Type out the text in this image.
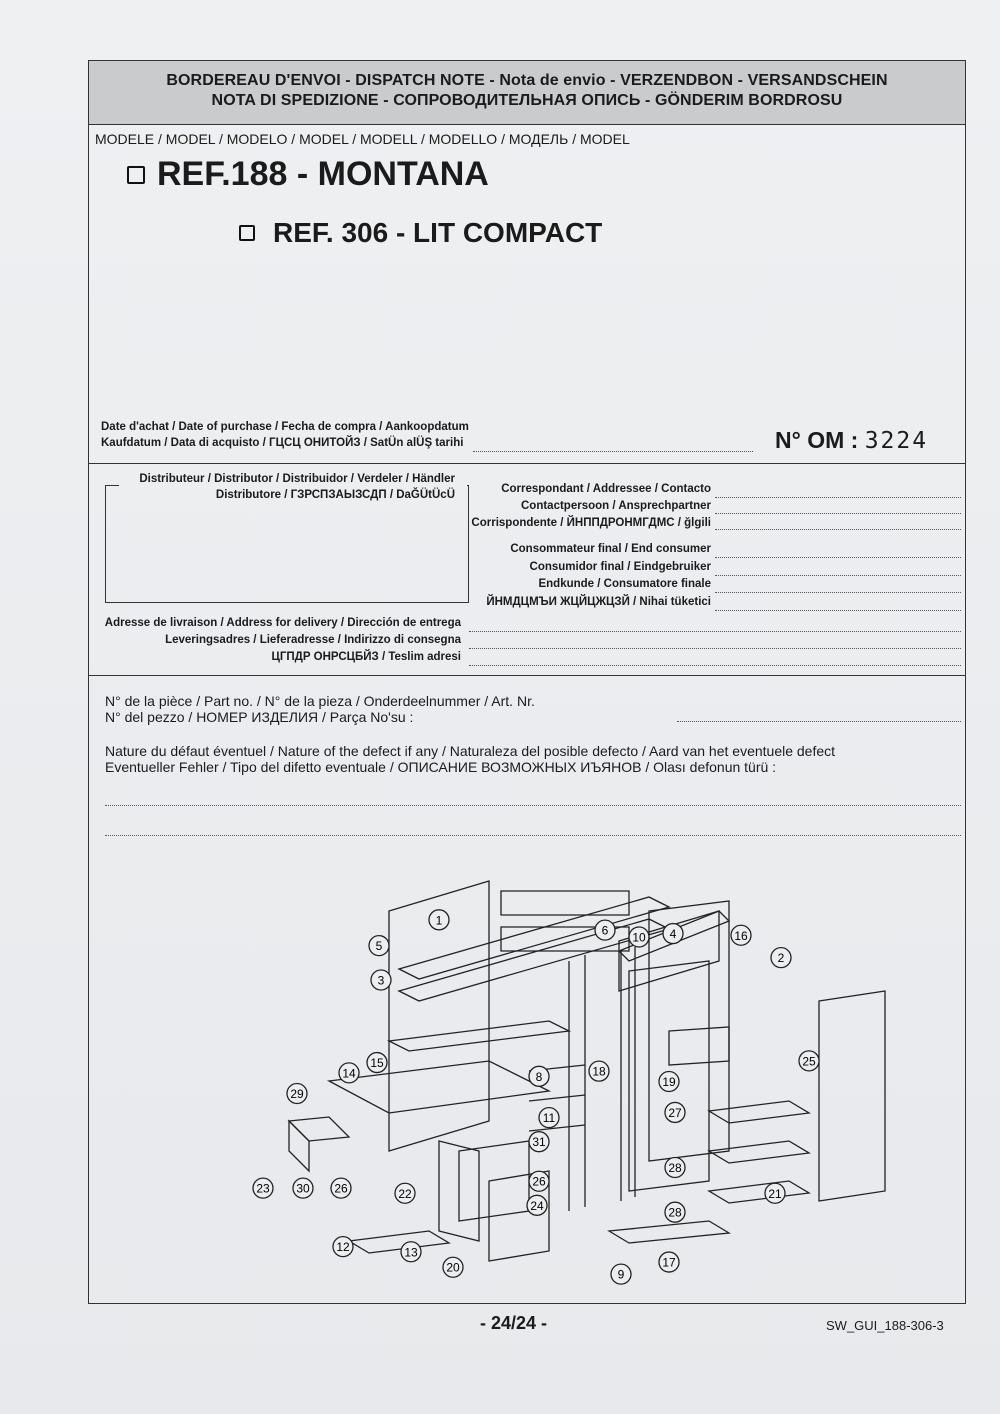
BORDEREAU D'ENVOI - DISPATCH NOTE - Nota de envio - VERZENDBON - VERSANDSCHEIN
NOTA DI SPEDIZIONE - СОПРОВОДИТЕЛЬНАЯ ОПИСЬ - GÖNDERIM BORDROSU
MODELE / MODEL / MODELO / MODEL / MODELL / MODELLO / МОДЕЛЬ / MODEL
REF.188 - MONTANA
REF. 306 - LIT COMPACT
Date d'achat / Date of purchase / Fecha de compra / Aankoopdatum
Kaufdatum / Data di acquisto / ГЦСЦ ОНИТОЙЗ / SatÜn alÜŞ tarihi	N° OM : 3224
Distributeur / Distributor / Distribuidor / Verdeler / Händler
Distributore / ГЗРСПЗАЫЗСДП / DaĞÜtÜcÜ	Correspondant / Addressee / Contacto
Contactpersoon / Ansprechpartner
Corrispondente / ЙНППДРОНМГДМС / ğlgili
Consommateur final / End consumer
Consumidor final / Eindgebruiker
Endkunde / Consumatore finale
ЙНМДЦМЪИ ЖЦЙЦЖЦЗЙ / Nihai tüketici
Adresse de livraison / Address for delivery / Dirección de entrega
Leveringsadres / Lieferadresse / Indirizzo di consegna
ЦГПДР ОНРСЦБЙЗ / Teslim adresi
N° de la pièce / Part no. / N° de la pieza / Onderdeelnummer / Art. Nr.
N° del pezzo / НОМЕР ИЗДЕЛИЯ / Parça No'su :
Nature du défaut éventuel / Nature of the defect if any / Naturaleza del posible defecto / Aard van het eventuele defect
Eventueller Fehler / Tipo del difetto eventuale / ОПИСАНИЕ ВОЗМОЖНЫХ ИЪЯНОВ / Olası defonun türü :
1
5
3
6 10 4	16
2
8	18
19
25
14
15
29
11
31
27
23 30 26	22
26
24
28
21
12	13
20	9
17
28
- 24/24 -	SW_GUI_188-306-3
